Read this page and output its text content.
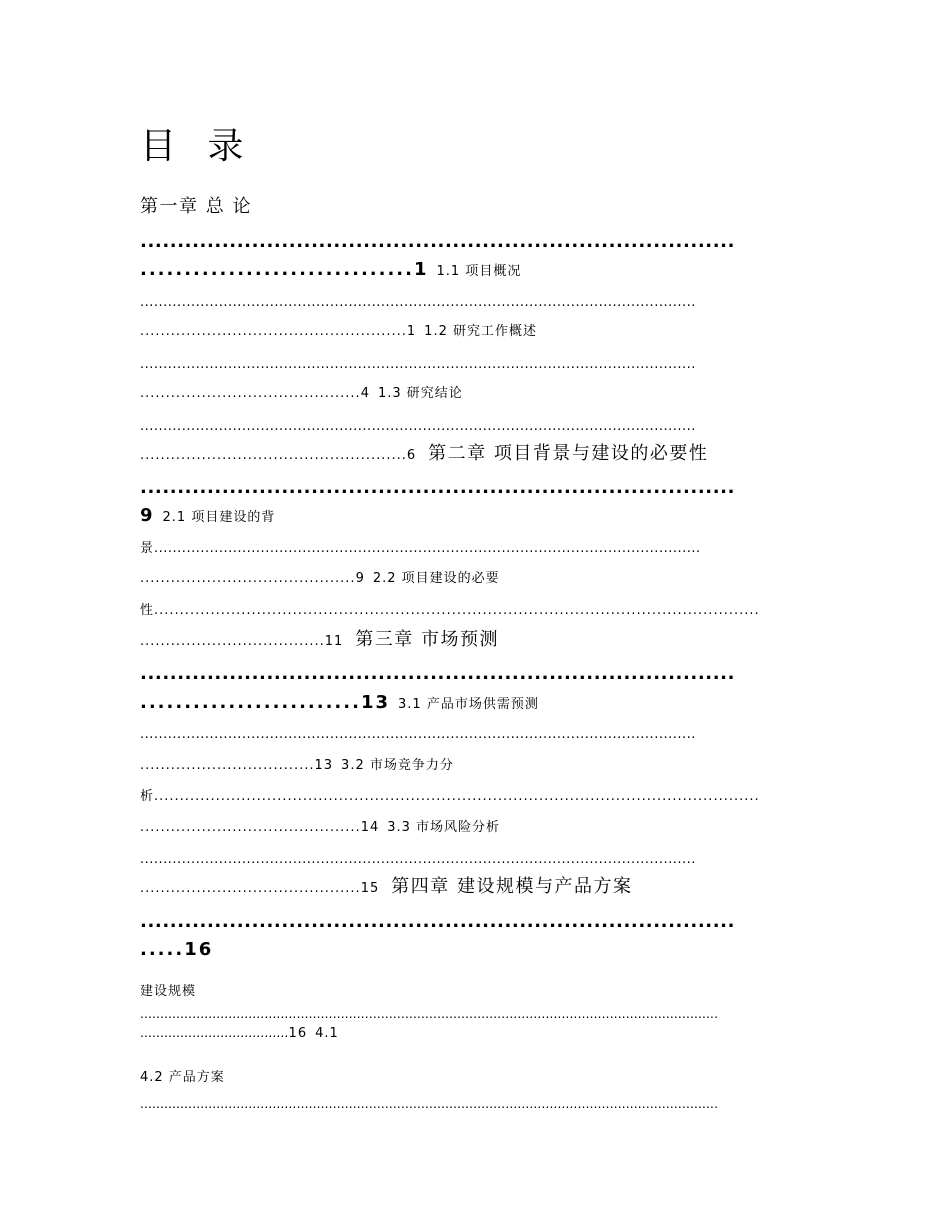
目 录
第一章 总 论
................................................................................
...............................1 1.1 项目概况
........................................................................................................................
....................................................1 1.2 研究工作概述
........................................................................................................................
...........................................4 1.3 研究结论
........................................................................................................................
....................................................6 第二章 项目背景与建设的必要性
................................................................................
9 2.1 项目建设的背
景......................................................................................................................
..........................................9 2.2 项目建设的必要
性......................................................................................................................
....................................11 第三章 市场预测
................................................................................
.........................13 3.1 产品市场供需预测
........................................................................................................................
..................................13 3.2 市场竞争力分
析......................................................................................................................
...........................................14 3.3 市场风险分析
........................................................................................................................
...........................................15 第四章 建设规模与产品方案
................................................................................
.....16
建设规模
................................................................................................................................................
.....................................16 4.1
4.2 产品方案
................................................................................................................................................
